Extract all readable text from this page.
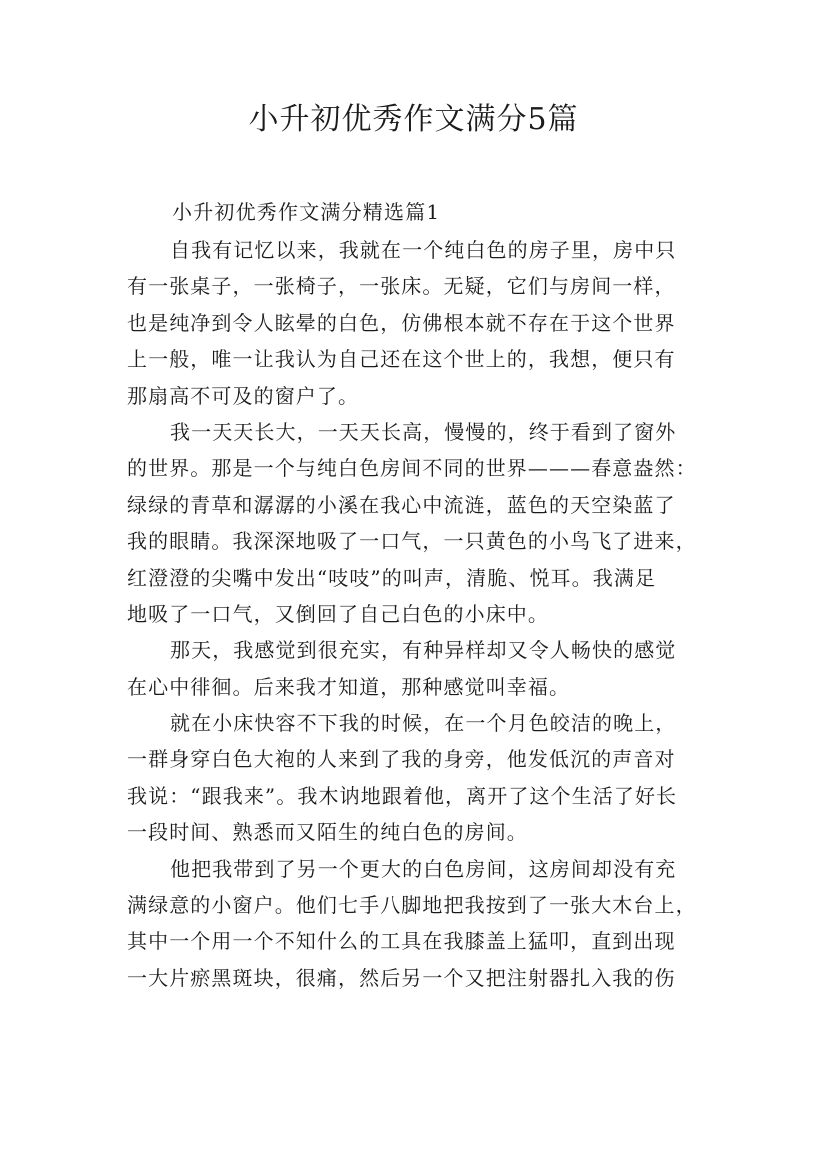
小升初优秀作文满分5篇

小升初优秀作文满分精选篇1

自我有记忆以来，我就在一个纯白色的房子里，房中只
有一张桌子，一张椅子，一张床。无疑，它们与房间一样，
也是纯净到令人眩晕的白色，仿佛根本就不存在于这个世界
上一般，唯一让我认为自己还在这个世上的，我想，便只有
那扇高不可及的窗户了。
我一天天长大，一天天长高，慢慢的，终于看到了窗外
的世界。那是一个与纯白色房间不同的世界———春意盎然：
绿绿的青草和潺潺的小溪在我心中流涟，蓝色的天空染蓝了
我的眼睛。我深深地吸了一口气，一只黄色的小鸟飞了进来，
红澄澄的尖嘴中发出“吱吱”的叫声，清脆、悦耳。我满足
地吸了一口气，又倒回了自己白色的小床中。
那天，我感觉到很充实，有种异样却又令人畅快的感觉
在心中徘徊。后来我才知道，那种感觉叫幸福。
就在小床快容不下我的时候，在一个月色皎洁的晚上，
一群身穿白色大袍的人来到了我的身旁，他发低沉的声音对
我说：“跟我来”。我木讷地跟着他，离开了这个生活了好长
一段时间、熟悉而又陌生的纯白色的房间。
他把我带到了另一个更大的白色房间，这房间却没有充
满绿意的小窗户。他们七手八脚地把我按到了一张大木台上，
其中一个用一个不知什么的工具在我膝盖上猛叩，直到出现
一大片瘀黑斑块，很痛，然后另一个又把注射器扎入我的伤
